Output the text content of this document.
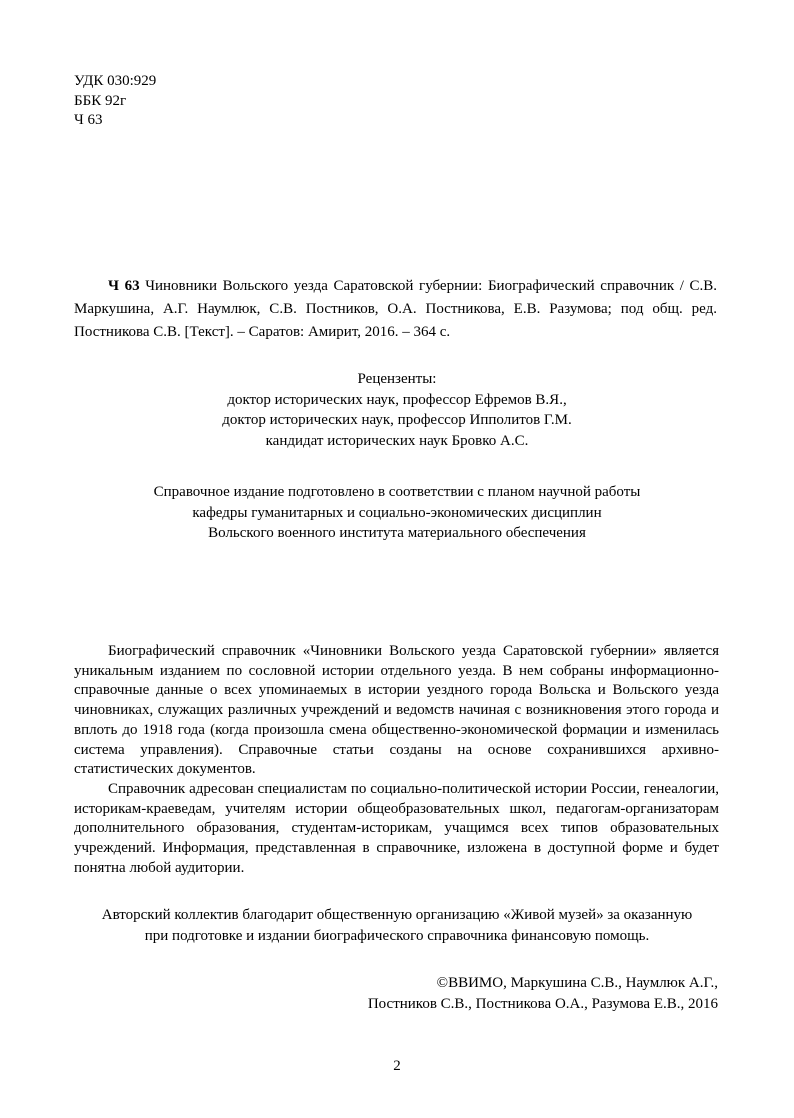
УДК 030:929
ББК 92г
Ч 63

Ч 63 Чиновники Вольского уезда Саратовской губернии: Биографический справочник / С.В. Маркушина, А.Г. Наумлюк, С.В. Постников, О.А. Постникова, Е.В. Разумова; под общ. ред. Постникова С.В. [Текст]. – Саратов: Амирит, 2016. – 364 с.

Рецензенты:
доктор исторических наук, профессор Ефремов В.Я.,
доктор исторических наук, профессор Ипполитов Г.М.
кандидат исторических наук Бровко А.С.
Справочное издание подготовлено в соответствии с планом научной работы
кафедры гуманитарных и социально-экономических дисциплин
Вольского военного института материального обеспечения

Биографический справочник «Чиновники Вольского уезда Саратовской губернии» является уникальным изданием по сословной истории отдельного уезда. В нем собраны информационно-справочные данные о всех упоминаемых в истории уездного города Вольска и Вольского уезда чиновниках, служащих различных учреждений и ведомств начиная с возникновения этого города и вплоть до 1918 года (когда произошла смена общественно-экономической формации и изменилась система управления). Справочные статьи созданы на основе сохранившихся архивно-статистических документов.

Справочник адресован специалистам по социально-политической истории России, генеалогии, историкам-краеведам, учителям истории общеобразовательных школ, педагогам-организаторам дополнительного образования, студентам-историкам, учащимся всех типов образовательных учреждений. Информация, представленная в справочнике, изложена в доступной форме и будет понятна любой аудитории.

Авторский коллектив благодарит общественную организацию «Живой музей» за оказанную
при подготовке и издании биографического справочника финансовую помощь.
©ВВИМО, Маркушина С.В., Наумлюк А.Г.,
Постников С.В., Постникова О.А., Разумова Е.В., 2016
2
